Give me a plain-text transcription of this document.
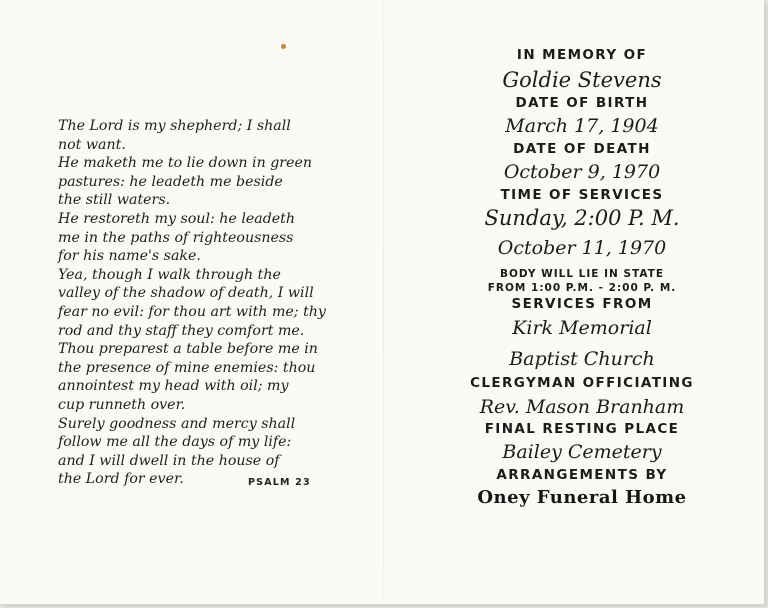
The Lord is my shepherd; I shall
not want.
He maketh me to lie down in green
pastures: he leadeth me beside
the still waters.
He restoreth my soul: he leadeth
me in the paths of righteousness
for his name's sake.
Yea, though I walk through the
valley of the shadow of death, I will
fear no evil: for thou art with me; thy
rod and thy staff they comfort me.
Thou preparest a table before me in
the presence of mine enemies: thou
annointest my head with oil; my
cup runneth over.
Surely goodness and mercy shall
follow me all the days of my life:
and I will dwell in the house of
the Lord for ever.	PSALM 23
IN MEMORY OF
Goldie Stevens
DATE OF BIRTH
March 17, 1904
DATE OF DEATH
October 9, 1970
TIME OF SERVICES
Sunday, 2:00 P. M.
October 11, 1970
BODY WILL LIE IN STATE
FROM 1:00 P.M. - 2:00 P. M.
SERVICES FROM
Kirk Memorial
Baptist Church
CLERGYMAN OFFICIATING
Rev. Mason Branham
FINAL RESTING PLACE
Bailey Cemetery
ARRANGEMENTS BY
Oney Funeral Home
